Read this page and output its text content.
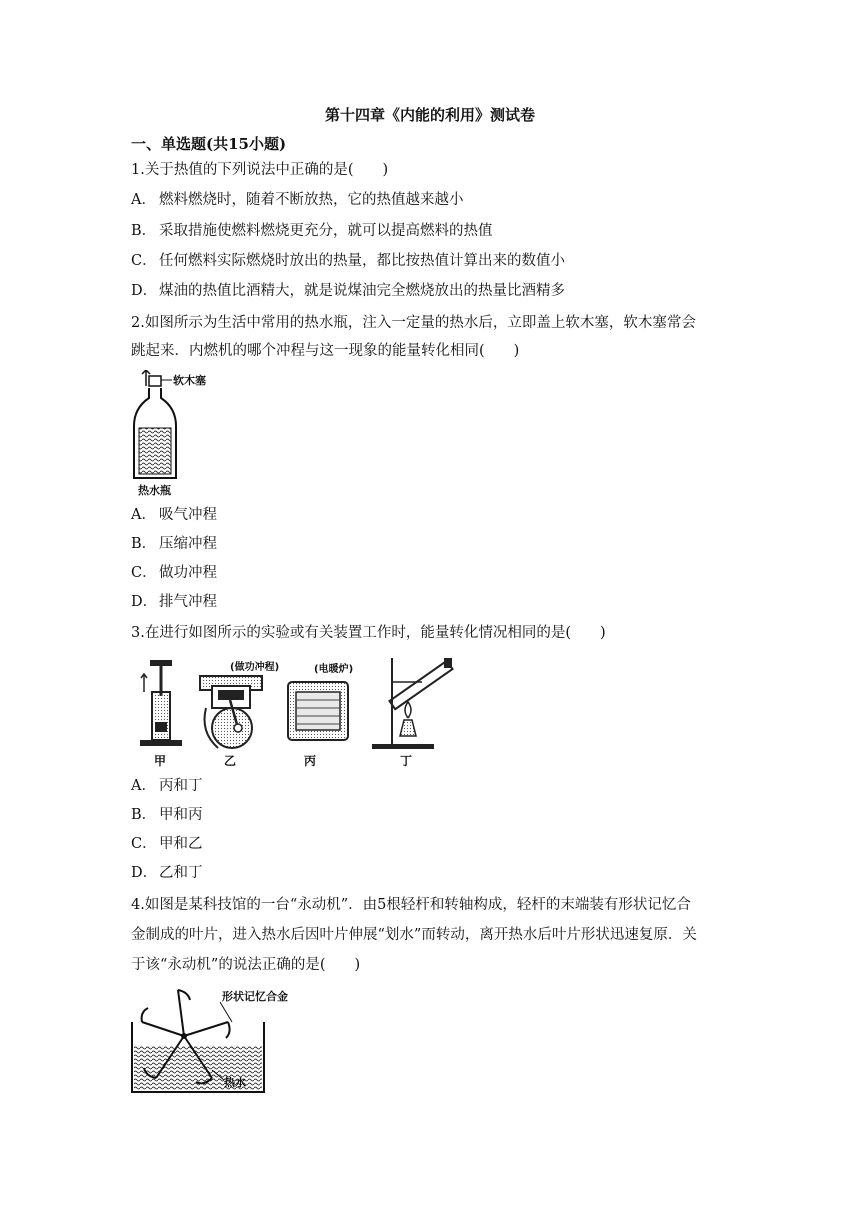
第十四章《内能的利用》测试卷
一、单选题(共15小题)
1.关于热值的下列说法中正确的是(　　)
A． 燃料燃烧时，随着不断放热，它的热值越来越小
B． 采取措施使燃料燃烧更充分，就可以提高燃料的热值
C． 任何燃料实际燃烧时放出的热量，都比按热值计算出来的数值小
D． 煤油的热值比酒精大，就是说煤油完全燃烧放出的热量比酒精多
2.如图所示为生活中常用的热水瓶，注入一定量的热水后，立即盖上软木塞，软木塞常会
跳起来．内燃机的哪个冲程与这一现象的能量转化相同(　　)
软木塞
热水瓶
A． 吸气冲程
B． 压缩冲程
C． 做功冲程
D． 排气冲程
3.在进行如图所示的实验或有关装置工作时，能量转化情况相同的是(　　)
甲
(做功冲程)
乙
(电暖炉)
丙	丁
A． 丙和丁
B． 甲和丙
C． 甲和乙
D． 乙和丁
4.如图是某科技馆的一台“永动机”．由5根轻杆和转轴构成，轻杆的末端装有形状记忆合
金制成的叶片，进入热水后因叶片伸展“划水”而转动，离开热水后叶片形状迅速复原．关
于该“永动机”的说法正确的是(　　)
形状记忆合金
热水
